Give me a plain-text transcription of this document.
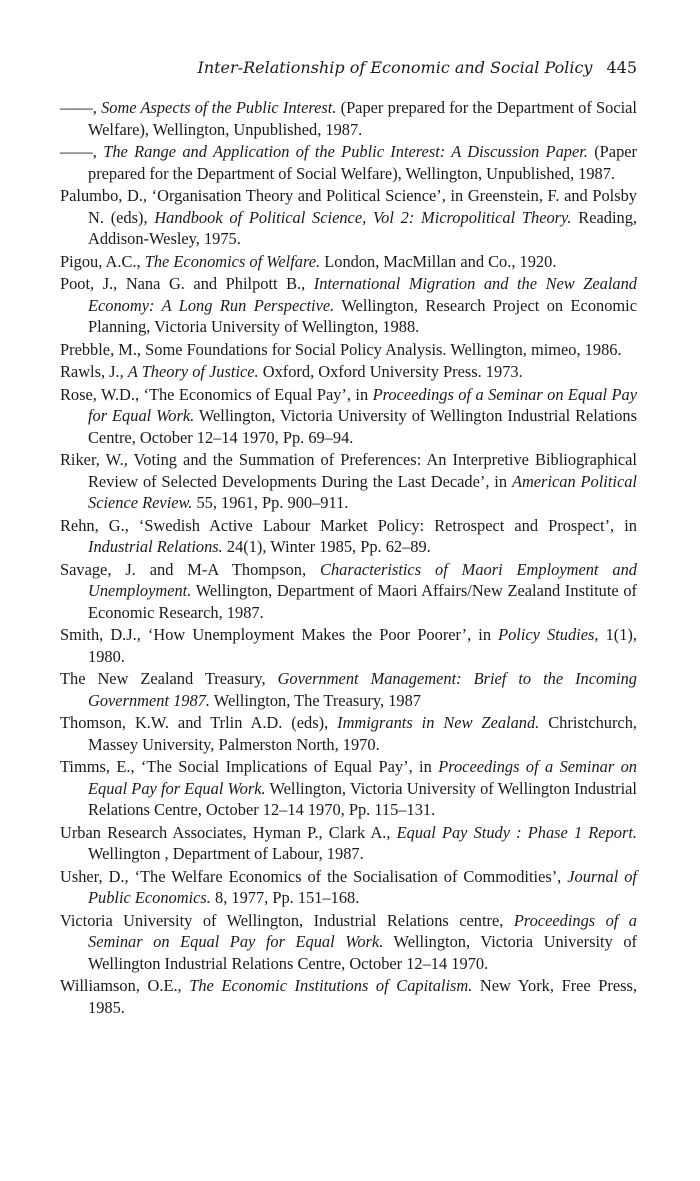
Inter-Relationship of Economic and Social Policy 445
——, Some Aspects of the Public Interest. (Paper prepared for the Department of Social Welfare), Wellington, Unpublished, 1987.
——, The Range and Application of the Public Interest: A Discussion Paper. (Paper prepared for the Department of Social Welfare), Wellington, Unpublished, 1987.
Palumbo, D., ‘Organisation Theory and Political Science’, in Greenstein, F. and Polsby N. (eds), Handbook of Political Science, Vol 2: Micropolitical Theory. Reading, Addison-Wesley, 1975.
Pigou, A.C., The Economics of Welfare. London, MacMillan and Co., 1920.
Poot, J., Nana G. and Philpott B., International Migration and the New Zealand Economy: A Long Run Perspective. Wellington, Research Project on Economic Planning, Victoria University of Wellington, 1988.
Prebble, M., Some Foundations for Social Policy Analysis. Wellington, mimeo, 1986.
Rawls, J., A Theory of Justice. Oxford, Oxford University Press. 1973.
Rose, W.D., ‘The Economics of Equal Pay’, in Proceedings of a Seminar on Equal Pay for Equal Work. Wellington, Victoria University of Wellington Industrial Relations Centre, October 12–14 1970, Pp. 69–94.
Riker, W., Voting and the Summation of Preferences: An Interpretive Bibliographical Review of Selected Developments During the Last Decade’, in American Political Science Review. 55, 1961, Pp. 900–911.
Rehn, G., ‘Swedish Active Labour Market Policy: Retrospect and Prospect’, in Industrial Relations. 24(1), Winter 1985, Pp. 62–89.
Savage, J. and M-A Thompson, Characteristics of Maori Employment and Unemployment. Wellington, Department of Maori Affairs/New Zealand Institute of Economic Research, 1987.
Smith, D.J., ‘How Unemployment Makes the Poor Poorer’, in Policy Studies, 1(1), 1980.
The New Zealand Treasury, Government Management: Brief to the Incoming Government 1987. Wellington, The Treasury, 1987
Thomson, K.W. and Trlin A.D. (eds), Immigrants in New Zealand. Christchurch, Massey University, Palmerston North, 1970.
Timms, E., ‘The Social Implications of Equal Pay’, in Proceedings of a Seminar on Equal Pay for Equal Work. Wellington, Victoria University of Wellington Industrial Relations Centre, October 12–14 1970, Pp. 115–131.
Urban Research Associates, Hyman P., Clark A., Equal Pay Study : Phase 1 Report. Wellington , Department of Labour, 1987.
Usher, D., ‘The Welfare Economics of the Socialisation of Commodities’, Journal of Public Economics. 8, 1977, Pp. 151–168.
Victoria University of Wellington, Industrial Relations centre, Proceedings of a Seminar on Equal Pay for Equal Work. Wellington, Victoria University of Wellington Industrial Relations Centre, October 12–14 1970.
Williamson, O.E., The Economic Institutions of Capitalism. New York, Free Press, 1985.
